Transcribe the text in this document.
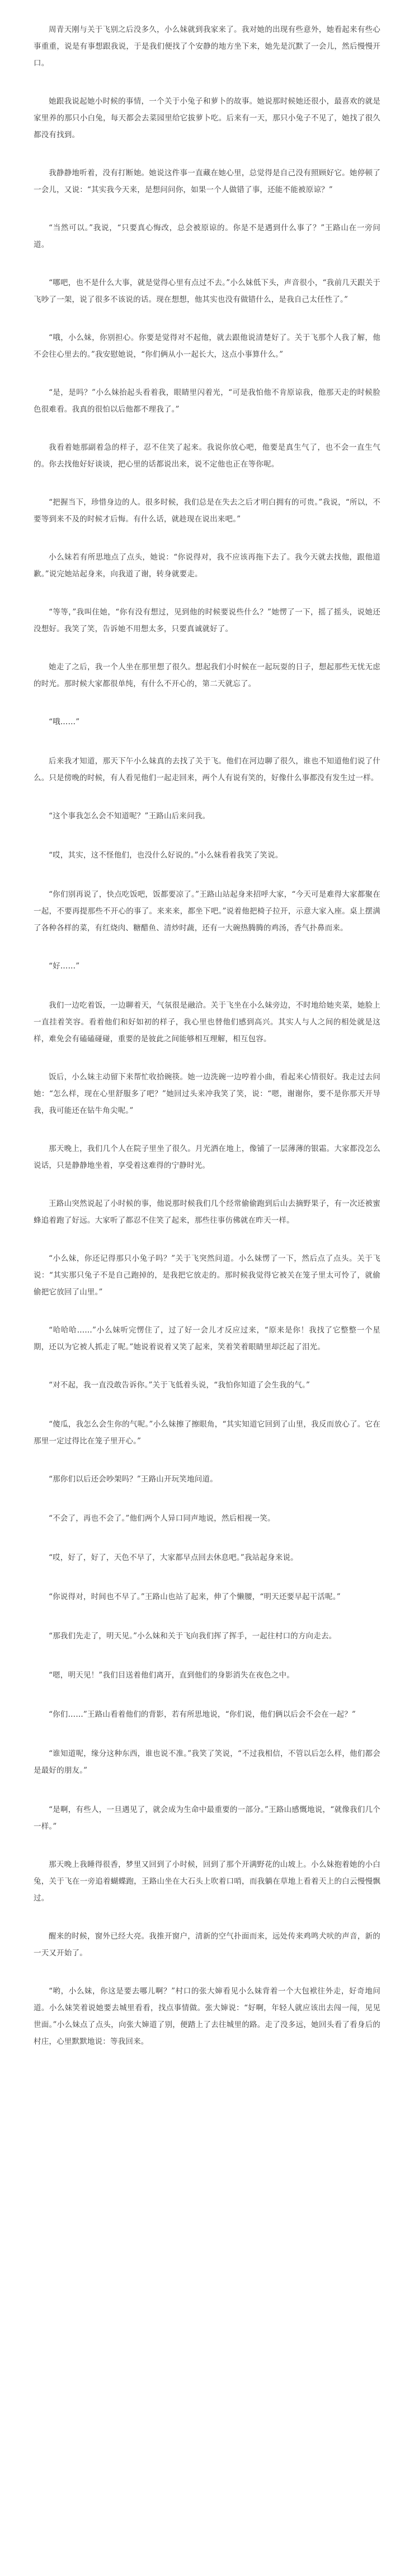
周青天刚与关于飞别之后没多久，小么妹就到我家来了。我对她的出现有些意外，她看起来有些心事重重，说是有事想跟我说，于是我们便找了个安静的地方坐下来，她先是沉默了一会儿，然后慢慢开口。

她跟我说起她小时候的事情，一个关于小兔子和萝卜的故事。她说那时候她还很小，最喜欢的就是家里养的那只小白兔，每天都会去菜园里给它拔萝卜吃。后来有一天，那只小兔子不见了，她找了很久都没有找到。

我静静地听着，没有打断她。她说这件事一直藏在她心里，总觉得是自己没有照顾好它。她停顿了一会儿，又说：“其实我今天来，是想问问你，如果一个人做错了事，还能不能被原谅？”

“当然可以。”我说，“只要真心悔改，总会被原谅的。你是不是遇到什么事了？”王路山在一旁问道。

“哪吧，也不是什么大事，就是觉得心里有点过不去。”小么妹低下头，声音很小，“我前几天跟关于飞吵了一架，说了很多不该说的话。现在想想，他其实也没有做错什么，是我自己太任性了。”

“哦，小么妹，你别担心。你要是觉得对不起他，就去跟他说清楚好了。关于飞那个人我了解，他不会往心里去的。”我安慰她说，“你们俩从小一起长大，这点小事算什么。”

“是，是吗？”小么妹抬起头看着我，眼睛里闪着光，“可是我怕他不肯原谅我，他那天走的时候脸色很难看。我真的很怕以后他都不理我了。”

我看着她那副着急的样子，忍不住笑了起来。我说你放心吧，他要是真生气了，也不会一直生气的。你去找他好好谈谈，把心里的话都说出来，说不定他也正在等你呢。

“把握当下，珍惜身边的人。很多时候，我们总是在失去之后才明白拥有的可贵。”我说，“所以，不要等到来不及的时候才后悔。有什么话，就趁现在说出来吧。”

小么妹若有所思地点了点头，她说：“你说得对，我不应该再拖下去了。我今天就去找他，跟他道歉。”说完她站起身来，向我道了谢，转身就要走。

“等等，”我叫住她，“你有没有想过，见到他的时候要说些什么？”她愣了一下，摇了摇头，说她还没想好。我笑了笑，告诉她不用想太多，只要真诚就好了。

她走了之后，我一个人坐在那里想了很久。想起我们小时候在一起玩耍的日子，想起那些无忧无虑的时光。那时候大家都很单纯，有什么不开心的，第二天就忘了。

“哦……”

后来我才知道，那天下午小么妹真的去找了关于飞。他们在河边聊了很久，谁也不知道他们说了什么。只是傍晚的时候，有人看见他们一起走回来，两个人有说有笑的，好像什么事都没有发生过一样。

“这个事我怎么会不知道呢？”王路山后来问我。

“哎，其实，这不怪他们，也没什么好说的。”小么妹看着我笑了笑说。

“你们别再说了，快点吃饭吧，饭都要凉了。”王路山站起身来招呼大家，“今天可是难得大家都聚在一起，不要再提那些不开心的事了。来来来，都坐下吧。”说着他把椅子拉开，示意大家入座。桌上摆满了各种各样的菜，有红烧肉、糖醋鱼、清炒时蔬，还有一大碗热腾腾的鸡汤，香气扑鼻而来。

“好……”

我们一边吃着饭，一边聊着天，气氛很是融洽。关于飞坐在小么妹旁边，不时地给她夹菜，她脸上一直挂着笑容。看着他们和好如初的样子，我心里也替他们感到高兴。其实人与人之间的相处就是这样，难免会有磕磕碰碰，重要的是彼此之间能够相互理解，相互包容。

饭后，小么妹主动留下来帮忙收拾碗筷。她一边洗碗一边哼着小曲，看起来心情很好。我走过去问她：“怎么样，现在心里舒服多了吧？”她回过头来冲我笑了笑，说：“嗯，谢谢你，要不是你那天开导我，我可能还在钻牛角尖呢。”

那天晚上，我们几个人在院子里坐了很久。月光洒在地上，像铺了一层薄薄的银霜。大家都没怎么说话，只是静静地坐着，享受着这难得的宁静时光。

王路山突然说起了小时候的事，他说那时候我们几个经常偷偷跑到后山去摘野果子，有一次还被蜜蜂追着跑了好远。大家听了都忍不住笑了起来，那些往事仿佛就在昨天一样。

“小么妹，你还记得那只小兔子吗？”关于飞突然问道。小么妹愣了一下，然后点了点头。关于飞说：“其实那只兔子不是自己跑掉的，是我把它放走的。那时候我觉得它被关在笼子里太可怜了，就偷偷把它放回了山里。”

“哈哈哈……”小么妹听完愣住了，过了好一会儿才反应过来，“原来是你！我找了它整整一个星期，还以为它被人抓走了呢。”她说着说着又笑了起来，笑着笑着眼睛里却泛起了泪光。

“对不起，我一直没敢告诉你。”关于飞低着头说，“我怕你知道了会生我的气。”

“傻瓜，我怎么会生你的气呢。”小么妹擦了擦眼角，“其实知道它回到了山里，我反而放心了。它在那里一定过得比在笼子里开心。”

“那你们以后还会吵架吗？”王路山开玩笑地问道。

“不会了，再也不会了。”他们两个人异口同声地说，然后相视一笑。

“哎，好了，好了，天色不早了，大家都早点回去休息吧。”我站起身来说。

“你说得对，时间也不早了。”王路山也站了起来，伸了个懒腰，“明天还要早起干活呢。”

“那我们先走了，明天见。”小么妹和关于飞向我们挥了挥手，一起往村口的方向走去。

“嗯，明天见！”我们目送着他们离开，直到他们的身影消失在夜色之中。

“你们……”王路山看着他们的背影，若有所思地说，“你们说，他们俩以后会不会在一起？”

“谁知道呢，缘分这种东西，谁也说不准。”我笑了笑说，“不过我相信，不管以后怎么样，他们都会是最好的朋友。”

“是啊，有些人，一旦遇见了，就会成为生命中最重要的一部分。”王路山感慨地说，“就像我们几个一样。”

那天晚上我睡得很香，梦里又回到了小时候，回到了那个开满野花的山坡上。小么妹抱着她的小白兔，关于飞在一旁追着蝴蝶跑，王路山坐在大石头上吹着口哨，而我躺在草地上看着天上的白云慢慢飘过。

醒来的时候，窗外已经大亮。我推开窗户，清新的空气扑面而来，远处传来鸡鸣犬吠的声音，新的一天又开始了。

“哟，小么妹，你这是要去哪儿啊？”村口的张大婶看见小么妹背着一个大包袱往外走，好奇地问道。小么妹笑着说她要去城里看看，找点事情做。张大婶说：“好啊，年轻人就应该出去闯一闯，见见世面。”小么妹点了点头，向张大婶道了别，便踏上了去往城里的路。走了没多远，她回头看了看身后的村庄，心里默默地说：等我回来。
